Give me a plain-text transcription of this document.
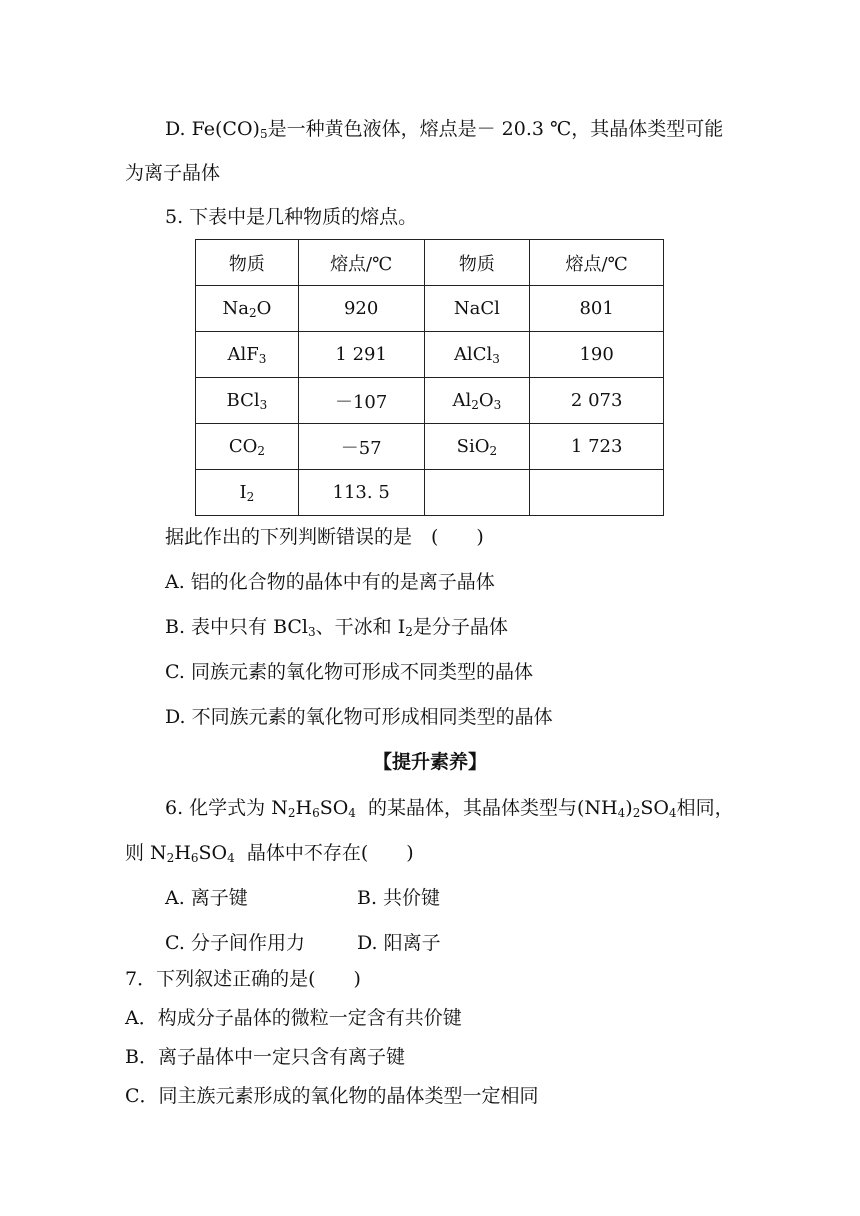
D. $Fe(CO)_5$是一种黄色液体，熔点是－ 20.3 ℃，其晶体类型可能
为离子晶体
5. 下表中是几种物质的熔点。
物质	熔点/℃	物质	熔点/℃
$Na_2O$	920	NaCl	801
AlF$_3$	1 291	AlCl$_3$	190
BCl$_3$	－107	$Al_2O_3$	2 073
$CO_2$	－57	SiO$_2$	1 723
$I_2$	113. 5		
据此作出的下列判断错误的是　(　　)
A. 铝的化合物的晶体中有的是离子晶体
B. 表中只有 BCl$_3$、干冰和 $I_2$是分子晶体
C. 同族元素的氧化物可形成不同类型的晶体
D. 不同族元素的氧化物可形成相同类型的晶体
【提升素养】
6. 化学式为 $N_2H_6SO_4$  的某晶体，其晶体类型与$(NH_4)_2SO_4$相同，
则 $N_2H_6SO_4$  晶体中不存在(　　)
A. 离子键	B. 共价键
C. 分子间作用力	D. 阳离子
7．下列叙述正确的是(　　)
A．构成分子晶体的微粒一定含有共价键
B．离子晶体中一定只含有离子键
C．同主族元素形成的氧化物的晶体类型一定相同
